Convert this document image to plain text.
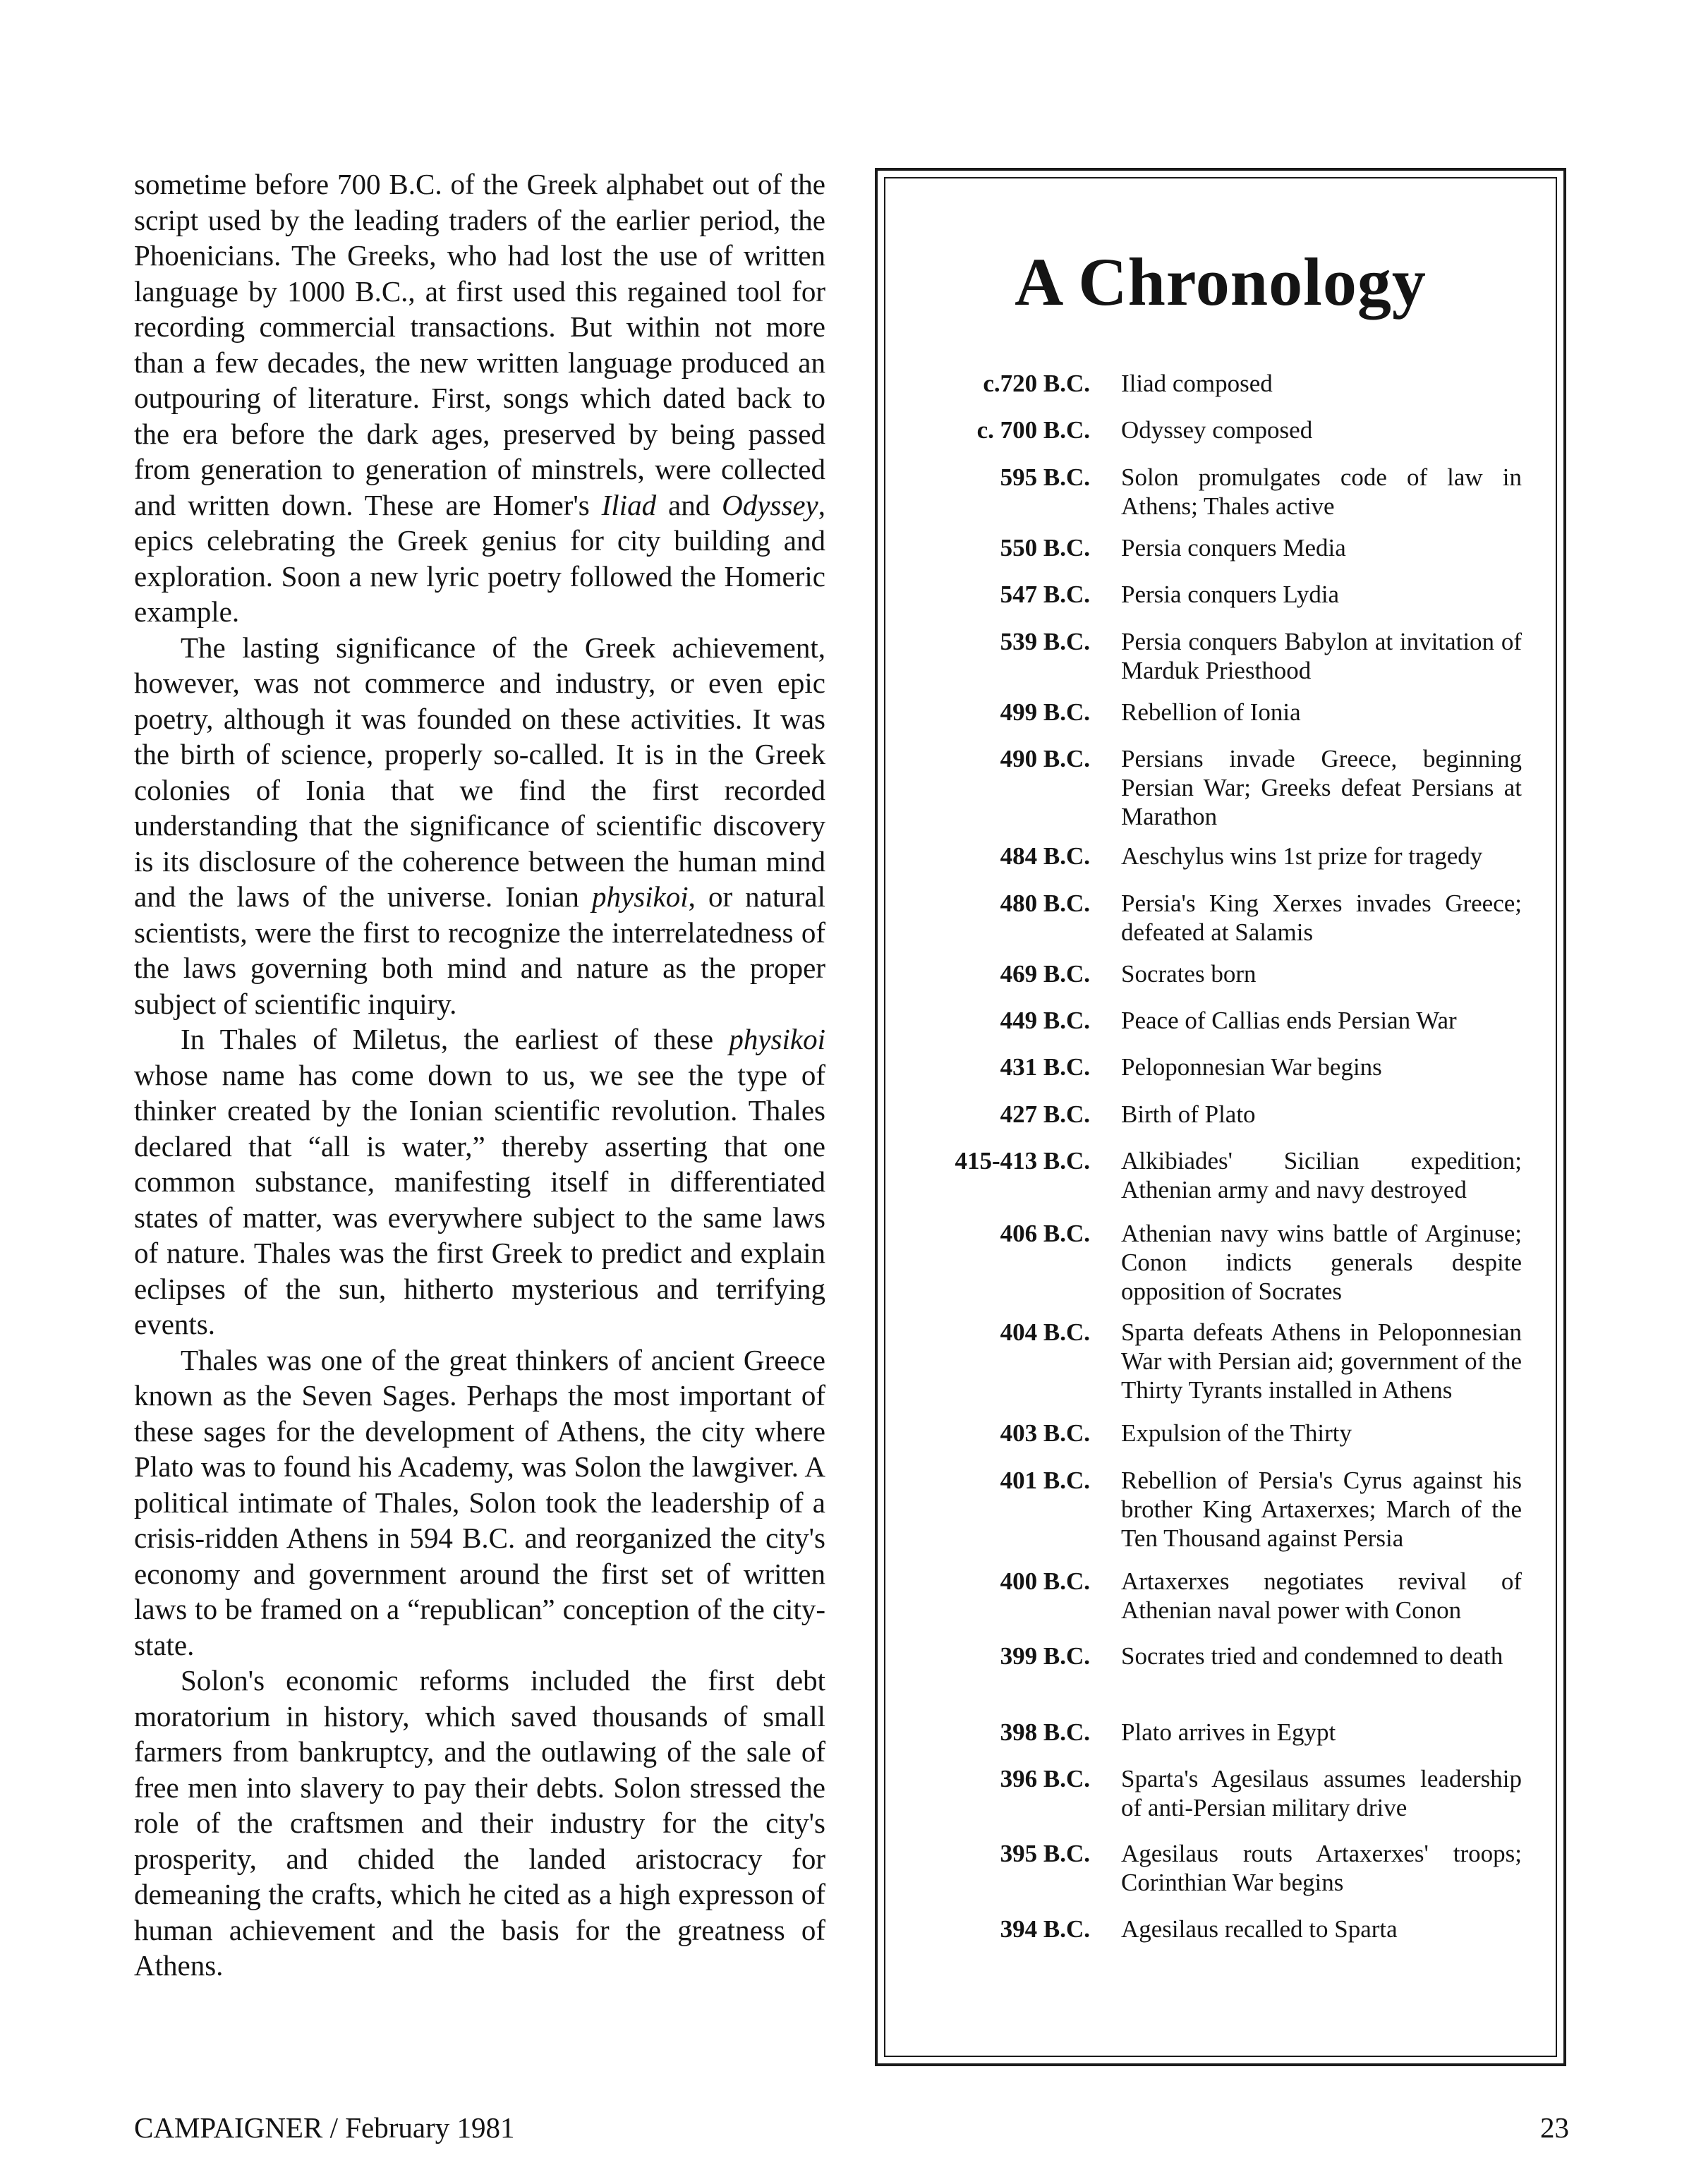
sometime before 700 B.C. of the Greek alphabet out of the script used by the leading traders of the earlier period, the Phoenicians. The Greeks, who had lost the use of written language by 1000 B.C., at first used this regained tool for recording commercial transactions. But within not more than a few decades, the new written language produced an outpouring of literature. First, songs which dated back to the era before the dark ages, preserved by being passed from generation to generation of minstrels, were collected and written down. These are Homer's Iliad and Odyssey, epics celebrating the Greek genius for city building and exploration. Soon a new lyric poetry followed the Homeric example.

The lasting significance of the Greek achievement, however, was not commerce and industry, or even epic poetry, although it was founded on these activities. It was the birth of science, properly so-called. It is in the Greek colonies of Ionia that we find the first recorded understanding that the significance of scientific discovery is its disclosure of the coherence between the human mind and the laws of the universe. Ionian physikoi, or natural scientists, were the first to recognize the interrelatedness of the laws governing both mind and nature as the proper subject of scientific inquiry.

In Thales of Miletus, the earliest of these physikoi whose name has come down to us, we see the type of thinker created by the Ionian scientific revolution. Thales declared that “all is water,” thereby asserting that one common substance, manifesting itself in differentiated states of matter, was everywhere subject to the same laws of nature. Thales was the first Greek to predict and explain eclipses of the sun, hitherto mysterious and terrifying events.

Thales was one of the great thinkers of ancient Greece known as the Seven Sages. Perhaps the most important of these sages for the development of Athens, the city where Plato was to found his Academy, was Solon the lawgiver. A political intimate of Thales, Solon took the leadership of a crisis-ridden Athens in 594 B.C. and reorganized the city's economy and government around the first set of written laws to be framed on a “republican” conception of the city-state.

Solon's economic reforms included the first debt moratorium in history, which saved thousands of small farmers from bankruptcy, and the outlawing of the sale of free men into slavery to pay their debts. Solon stressed the role of the craftsmen and their industry for the city's prosperity, and chided the landed aristocracy for demeaning the crafts, which he cited as a high expresson of human achievement and the basis for the greatness of Athens.

A Chronology
c.720 B.C. Iliad composed
c. 700 B.C. Odyssey composed
595 B.C. Solon promulgates code of law in Athens; Thales active
550 B.C. Persia conquers Media
547 B.C. Persia conquers Lydia
539 B.C. Persia conquers Babylon at invitation of Marduk Priesthood
499 B.C. Rebellion of Ionia
490 B.C. Persians invade Greece, beginning Persian War; Greeks defeat Persians at Marathon
484 B.C. Aeschylus wins 1st prize for tragedy
480 B.C. Persia's King Xerxes invades Greece; defeated at Salamis
469 B.C. Socrates born
449 B.C. Peace of Callias ends Persian War
431 B.C. Peloponnesian War begins
427 B.C. Birth of Plato
415-413 B.C. Alkibiades' Sicilian expedition; Athenian army and navy destroyed
406 B.C. Athenian navy wins battle of Arginuse; Conon indicts generals despite opposition of Socrates
404 B.C. Sparta defeats Athens in Peloponnesian War with Persian aid; government of the Thirty Tyrants installed in Athens
403 B.C. Expulsion of the Thirty
401 B.C. Rebellion of Persia's Cyrus against his brother King Artaxerxes; March of the Ten Thousand against Persia
400 B.C. Artaxerxes negotiates revival of Athenian naval power with Conon
399 B.C. Socrates tried and condemned to death
398 B.C. Plato arrives in Egypt
396 B.C. Sparta's Agesilaus assumes leadership of anti-Persian military drive
395 B.C. Agesilaus routs Artaxerxes' troops; Corinthian War begins
394 B.C. Agesilaus recalled to Sparta
CAMPAIGNER / February 1981	23
